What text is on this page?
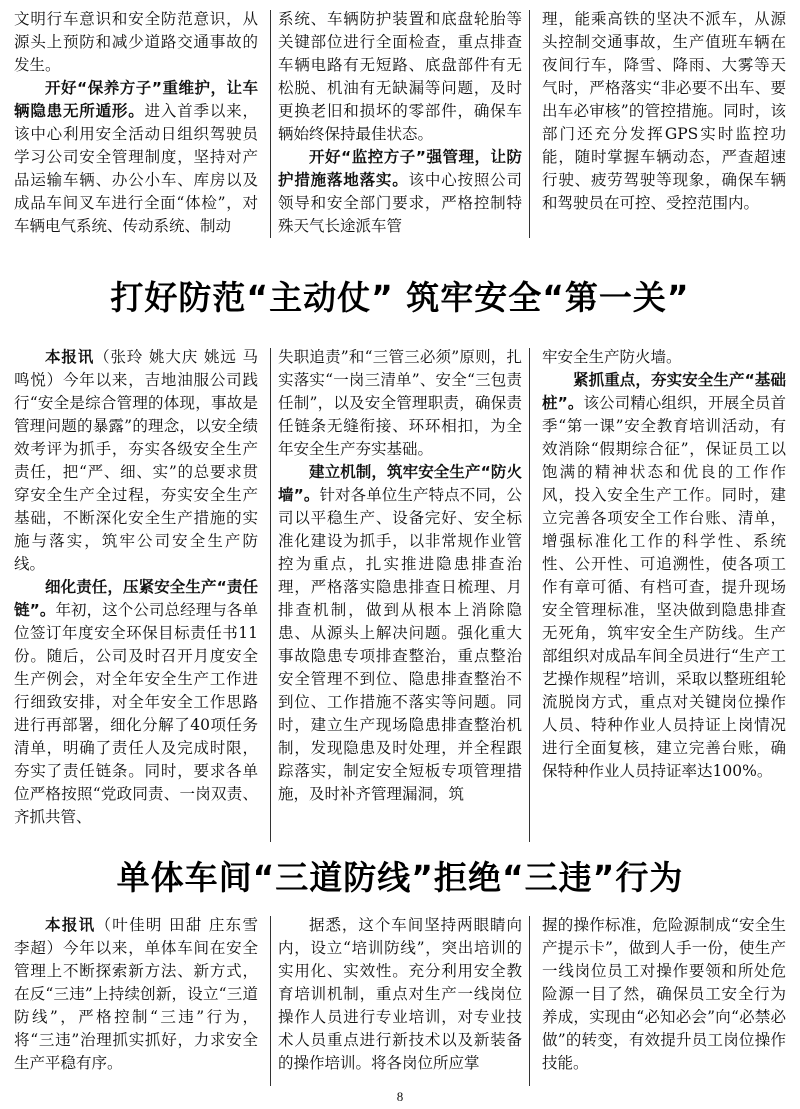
文明行车意识和安全防范意识，从源头上预防和减少道路交通事故的发生。

开好“保养方子”重维护，让车辆隐患无所遁形。进入首季以来，该中心利用安全活动日组织驾驶员学习公司安全管理制度，坚持对产品运输车辆、办公小车、库房以及成品车间叉车进行全面“体检”，对车辆电气系统、传动系统、制动

系统、车辆防护装置和底盘轮胎等关键部位进行全面检查，重点排查车辆电路有无短路、底盘部件有无松脱、机油有无缺漏等问题，及时更换老旧和损坏的零部件，确保车辆始终保持最佳状态。

开好“监控方子”强管理，让防护措施落地落实。该中心按照公司领导和安全部门要求，严格控制特殊天气长途派车管

理，能乘高铁的坚决不派车，从源头控制交通事故，生产值班车辆在夜间行车，降雪、降雨、大雾等天气时，严格落实“非必要不出车、要出车必审核”的管控措施。同时，该部门还充分发挥GPS实时监控功能，随时掌握车辆动态，严查超速行驶、疲劳驾驶等现象，确保车辆和驾驶员在可控、受控范围内。

打好防范“主动仗” 筑牢安全“第一关”

本报讯（张玲 姚大庆 姚远 马鸣悦）今年以来，吉地油服公司践行“安全是综合管理的体现，事故是管理问题的暴露”的理念，以安全绩效考评为抓手，夯实各级安全生产责任，把“严、细、实”的总要求贯穿安全生产全过程，夯实安全生产基础，不断深化安全生产措施的实施与落实，筑牢公司安全生产防线。

细化责任，压紧安全生产“责任链”。年初，这个公司总经理与各单位签订年度安全环保目标责任书11份。随后，公司及时召开月度安全生产例会，对全年安全生产工作进行细致安排，对全年安全工作思路进行再部署，细化分解了40项任务清单，明确了责任人及完成时限，夯实了责任链条。同时，要求各单位严格按照“党政同责、一岗双责、齐抓共管、

失职追责”和“三管三必须”原则，扎实落实“一岗三清单”、安全“三包责任制”，以及安全管理职责，确保责任链条无缝衔接、环环相扣，为全年安全生产夯实基础。

建立机制，筑牢安全生产“防火墙”。针对各单位生产特点不同，公司以平稳生产、设备完好、安全标准化建设为抓手，以非常规作业管控为重点，扎实推进隐患排查治理，严格落实隐患排查日梳理、月排查机制，做到从根本上消除隐患、从源头上解决问题。强化重大事故隐患专项排查整治，重点整治安全管理不到位、隐患排查整治不到位、工作措施不落实等问题。同时，建立生产现场隐患排查整治机制，发现隐患及时处理，并全程跟踪落实，制定安全短板专项管理措施，及时补齐管理漏洞，筑

牢安全生产防火墙。

紧抓重点，夯实安全生产“基础桩”。该公司精心组织，开展全员首季“第一课”安全教育培训活动，有效消除“假期综合征”，保证员工以饱满的精神状态和优良的工作作风，投入安全生产工作。同时，建立完善各项安全工作台账、清单，增强标准化工作的科学性、系统性、公开性、可追溯性，使各项工作有章可循、有档可查，提升现场安全管理标准，坚决做到隐患排查无死角，筑牢安全生产防线。生产部组织对成品车间全员进行“生产工艺操作规程”培训，采取以整班组轮流脱岗方式，重点对关键岗位操作人员、特种作业人员持证上岗情况进行全面复核，建立完善台账，确保特种作业人员持证率达100%。

单体车间“三道防线”拒绝“三违”行为

本报讯（叶佳明 田甜 庄东雪 李超）今年以来，单体车间在安全管理上不断探索新方法、新方式，在反“三违”上持续创新，设立“三道防线”，严格控制“三违”行为，将“三违”治理抓实抓好，力求安全生产平稳有序。

据悉，这个车间坚持两眼睛向内，设立“培训防线”，突出培训的实用化、实效性。充分利用安全教育培训机制，重点对生产一线岗位操作人员进行专业培训，对专业技术人员重点进行新技术以及新装备的操作培训。将各岗位所应掌

握的操作标准，危险源制成“安全生产提示卡”，做到人手一份，使生产一线岗位员工对操作要领和所处危险源一目了然，确保员工安全行为养成，实现由“必知必会”向“必禁必做”的转变，有效提升员工岗位操作技能。

8
